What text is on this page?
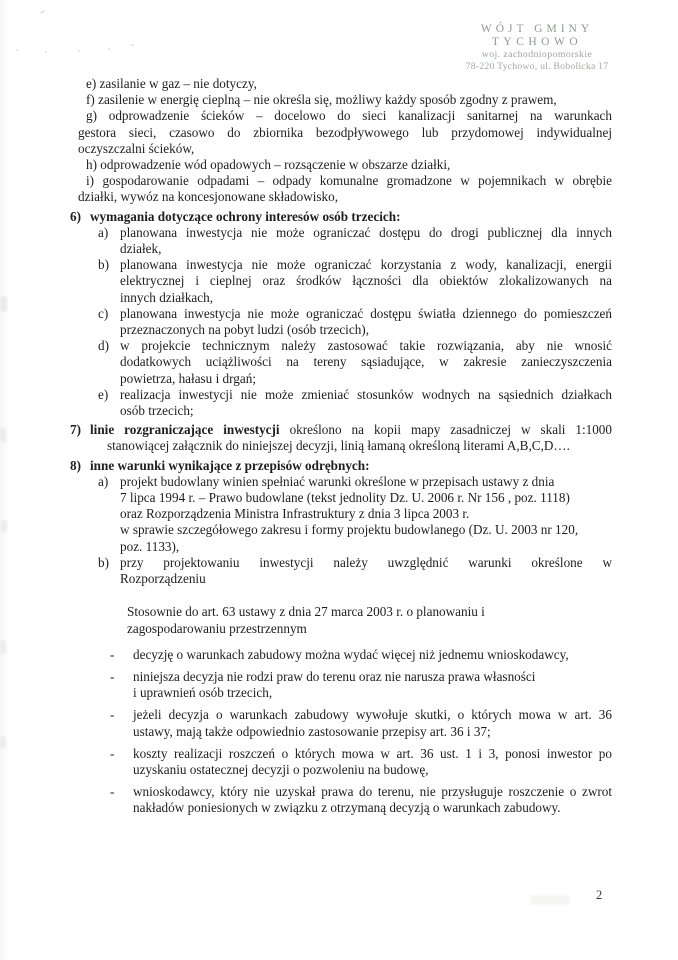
WÓJT GMINY
TYCHOWO
woj. zachodniopomorskie
78-220 Tychowo, ul. Bobolicka 17
e) zasilanie w gaz – nie dotyczy,
f) zasilenie w energię cieplną – nie określa się, możliwy każdy sposób zgodny z prawem,
g) odprowadzenie ścieków – docelowo do sieci kanalizacji sanitarnej na warunkach
gestora sieci, czasowo do zbiornika bezodpływowego lub przydomowej indywidualnej
oczyszczalni ścieków,
h) odprowadzenie wód opadowych – rozsączenie w obszarze działki,
i) gospodarowanie odpadami – odpady komunalne gromadzone w pojemnikach w obrębie
działki, wywóz na koncesjonowane składowisko,
6) wymagania dotyczące ochrony interesów osób trzecich:
a) planowana inwestycja nie może ograniczać dostępu do drogi publicznej dla innych
działek,
b) planowana inwestycja nie może ograniczać korzystania z wody, kanalizacji, energii
elektrycznej i cieplnej oraz środków łączności dla obiektów zlokalizowanych na
innych działkach,
c) planowana inwestycja nie może ograniczać dostępu światła dziennego do pomieszczeń
przeznaczonych na pobyt ludzi (osób trzecich),
d) w projekcie technicznym należy zastosować takie rozwiązania, aby nie wnosić
dodatkowych uciążliwości na tereny sąsiadujące, w zakresie zanieczyszczenia
powietrza, hałasu i drgań;
e) realizacja inwestycji nie może zmieniać stosunków wodnych na sąsiednich działkach
osób trzecich;
7) linie rozgraniczające inwestycji określono na kopii mapy zasadniczej w skali 1:1000
stanowiącej załącznik do niniejszej decyzji, linią łamaną określoną literami A,B,C,D….
8) inne warunki wynikające z przepisów odrębnych:
a) projekt budowlany winien spełniać warunki określone w przepisach ustawy z dnia
7 lipca 1994 r. – Prawo budowlane (tekst jednolity Dz. U. 2006 r. Nr 156 , poz. 1118)
oraz Rozporządzenia Ministra Infrastruktury z dnia 3 lipca 2003 r.
w sprawie szczegółowego zakresu i formy projektu budowlanego (Dz. U. 2003 nr 120,
poz. 1133),
b) przy projektowaniu inwestycji należy uwzględnić warunki określone w
Rozporządzeniu
Stosownie do art. 63 ustawy z dnia 27 marca 2003 r. o planowaniu i
zagospodarowaniu przestrzennym
- decyzję o warunkach zabudowy można wydać więcej niż jednemu wnioskodawcy,
- niniejsza decyzja nie rodzi praw do terenu oraz nie narusza prawa własności
i uprawnień osób trzecich,
- jeżeli decyzja o warunkach zabudowy wywołuje skutki, o których mowa w art. 36
ustawy, mają także odpowiednio zastosowanie przepisy art. 36 i 37;
- koszty realizacji roszczeń o których mowa w art. 36 ust. 1 i 3, ponosi inwestor po
uzyskaniu ostatecznej decyzji o pozwoleniu na budowę,
- wnioskodawcy, który nie uzyskał prawa do terenu, nie przysługuje roszczenie o zwrot
nakładów poniesionych w związku z otrzymaną decyzją o warunkach zabudowy.
2
